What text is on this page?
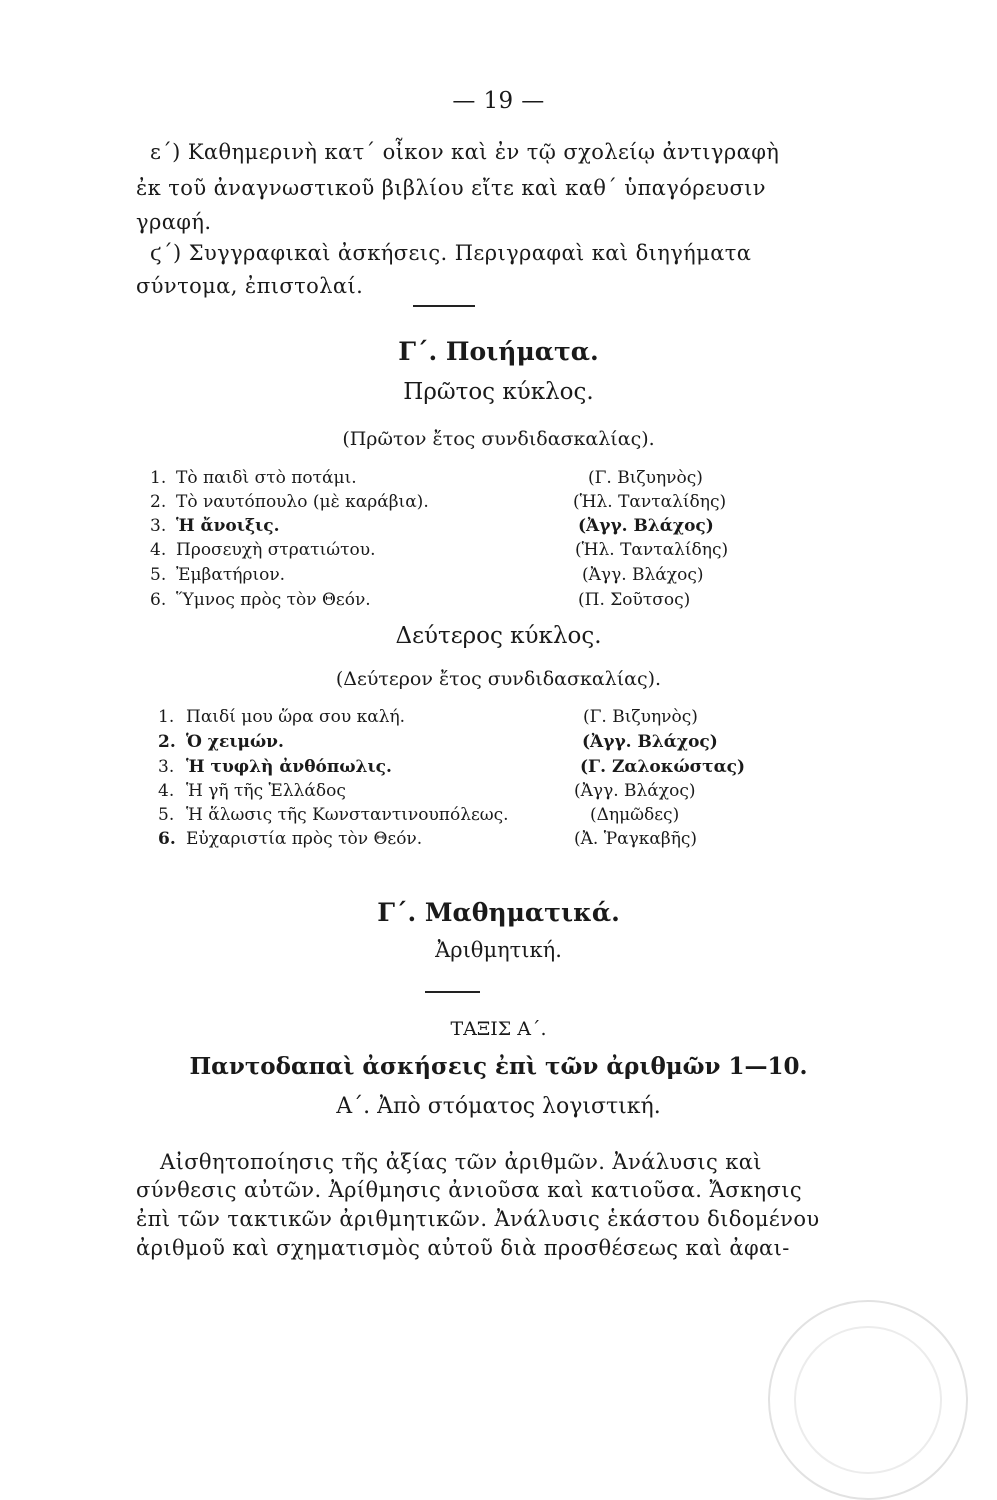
— 19 —
ε΄) Καθημερινὴ κατ΄ οἶκον καὶ ἐν τῷ σχολείῳ ἀντιγραφὴ
ἐκ τοῦ ἀναγνωστικοῦ βιβλίου εἴτε καὶ καθ΄ ὑπαγόρευσιν
γραφή.
ϛ΄) Συγγραφικαὶ ἀσκήσεις. Περιγραφαὶ καὶ διηγήματα
σύντομα, ἐπιστολαί.
Γ΄. Ποιήματα.
Πρῶτος κύκλος.
(Πρῶτον ἔτος συνδιδασκαλίας).
1. Τὸ παιδὶ στὸ ποτάμι.	(Γ. Βιζυηνὸς)
2. Τὸ ναυτόπουλο (μὲ καράβια).	(Ἡλ. Τανταλίδης)
3. Ἡ ἄνοιξις.	(Ἀγγ. Βλάχος)
4. Προσευχὴ στρατιώτου.	(Ἡλ. Τανταλίδης)
5. Ἐμβατήριον.	(Ἀγγ. Βλάχος)
6. Ὕμνος πρὸς τὸν Θεόν.	(Π. Σοῦτσος)
Δεύτερος κύκλος.
(Δεύτερον ἔτος συνδιδασκαλίας).
1. Παιδί μου ὥρα σου καλή.	(Γ. Βιζυηνὸς)
2. Ὁ χειμών.	(Ἀγγ. Βλάχος)
3. Ἡ τυφλὴ ἀνθόπωλις.	(Γ. Ζαλοκώστας)
4. Ἡ γῆ τῆς Ἑλλάδος	(Ἀγγ. Βλάχος)
5. Ἡ ἅλωσις τῆς Κωνσταντινουπόλεως.	(Δημῶδες)
6. Εὐχαριστία πρὸς τὸν Θεόν.	(Ἀ. Ῥαγκαβῆς)
Γ΄. Μαθηματικά.
Ἀριθμητική.
ΤΑΞΙΣ Α΄.
Παντοδαπαὶ ἀσκήσεις ἐπὶ τῶν ἀριθμῶν 1—10.
Α΄. Ἀπὸ στόματος λογιστική.
Αἰσθητοποίησις τῆς ἀξίας τῶν ἀριθμῶν. Ἀνάλυσις καὶ
σύνθεσις αὐτῶν. Ἀρίθμησις ἀνιοῦσα καὶ κατιοῦσα. Ἄσκησις
ἐπὶ τῶν τακτικῶν ἀριθμητικῶν. Ἀνάλυσις ἑκάστου διδομένου
ἀριθμοῦ καὶ σχηματισμὸς αὐτοῦ διὰ προσθέσεως καὶ ἀφαι-
